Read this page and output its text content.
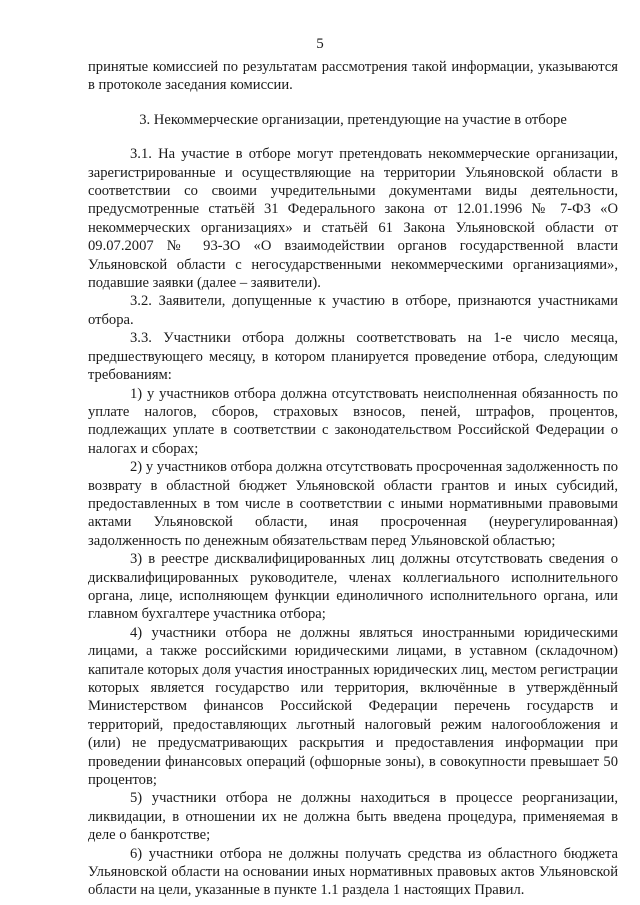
5

принятые комиссией по результатам рассмотрения такой информации, указываются в протоколе заседания комиссии.

3. Некоммерческие организации, претендующие на участие в отборе

3.1. На участие в отборе могут претендовать некоммерческие организации, зарегистрированные и осуществляющие на территории Ульяновской области в соответствии со своими учредительными документами виды деятельности, предусмотренные статьёй 31 Федерального закона от 12.01.1996 № 7-ФЗ «О некоммерческих организациях» и статьёй 61 Закона Ульяновской области от 09.07.2007 № 93-ЗО «О взаимодействии органов государственной власти Ульяновской области с негосударственными некоммерческими организациями», подавшие заявки (далее – заявители).

3.2. Заявители, допущенные к участию в отборе, признаются участниками отбора.

3.3. Участники отбора должны соответствовать на 1-е число месяца, предшествующего месяцу, в котором планируется проведение отбора, следующим требованиям:

1) у участников отбора должна отсутствовать неисполненная обязанность по уплате налогов, сборов, страховых взносов, пеней, штрафов, процентов, подлежащих уплате в соответствии с законодательством Российской Федерации о налогах и сборах;

2) у участников отбора должна отсутствовать просроченная задолженность по возврату в областной бюджет Ульяновской области грантов и иных субсидий, предоставленных в том числе в соответствии с иными нормативными правовыми актами Ульяновской области, иная просроченная (неурегулированная) задолженность по денежным обязательствам перед Ульяновской областью;

3) в реестре дисквалифицированных лиц должны отсутствовать сведения о дисквалифицированных руководителе, членах коллегиального исполнительного органа, лице, исполняющем функции единоличного исполнительного органа, или главном бухгалтере участника отбора;

4) участники отбора не должны являться иностранными юридическими лицами, а также российскими юридическими лицами, в уставном (складочном) капитале которых доля участия иностранных юридических лиц, местом регистрации которых является государство или территория, включённые в утверждённый Министерством финансов Российской Федерации перечень государств и территорий, предоставляющих льготный налоговый режим налогообложения и (или) не предусматривающих раскрытия и предоставления информации при проведении финансовых операций (офшорные зоны), в совокупности превышает 50 процентов;

5) участники отбора не должны находиться в процессе реорганизации, ликвидации, в отношении их не должна быть введена процедура, применяемая в деле о банкротстве;

6) участники отбора не должны получать средства из областного бюджета Ульяновской области на основании иных нормативных правовых актов Ульяновской области на цели, указанные в пункте 1.1 раздела 1 настоящих Правил.
